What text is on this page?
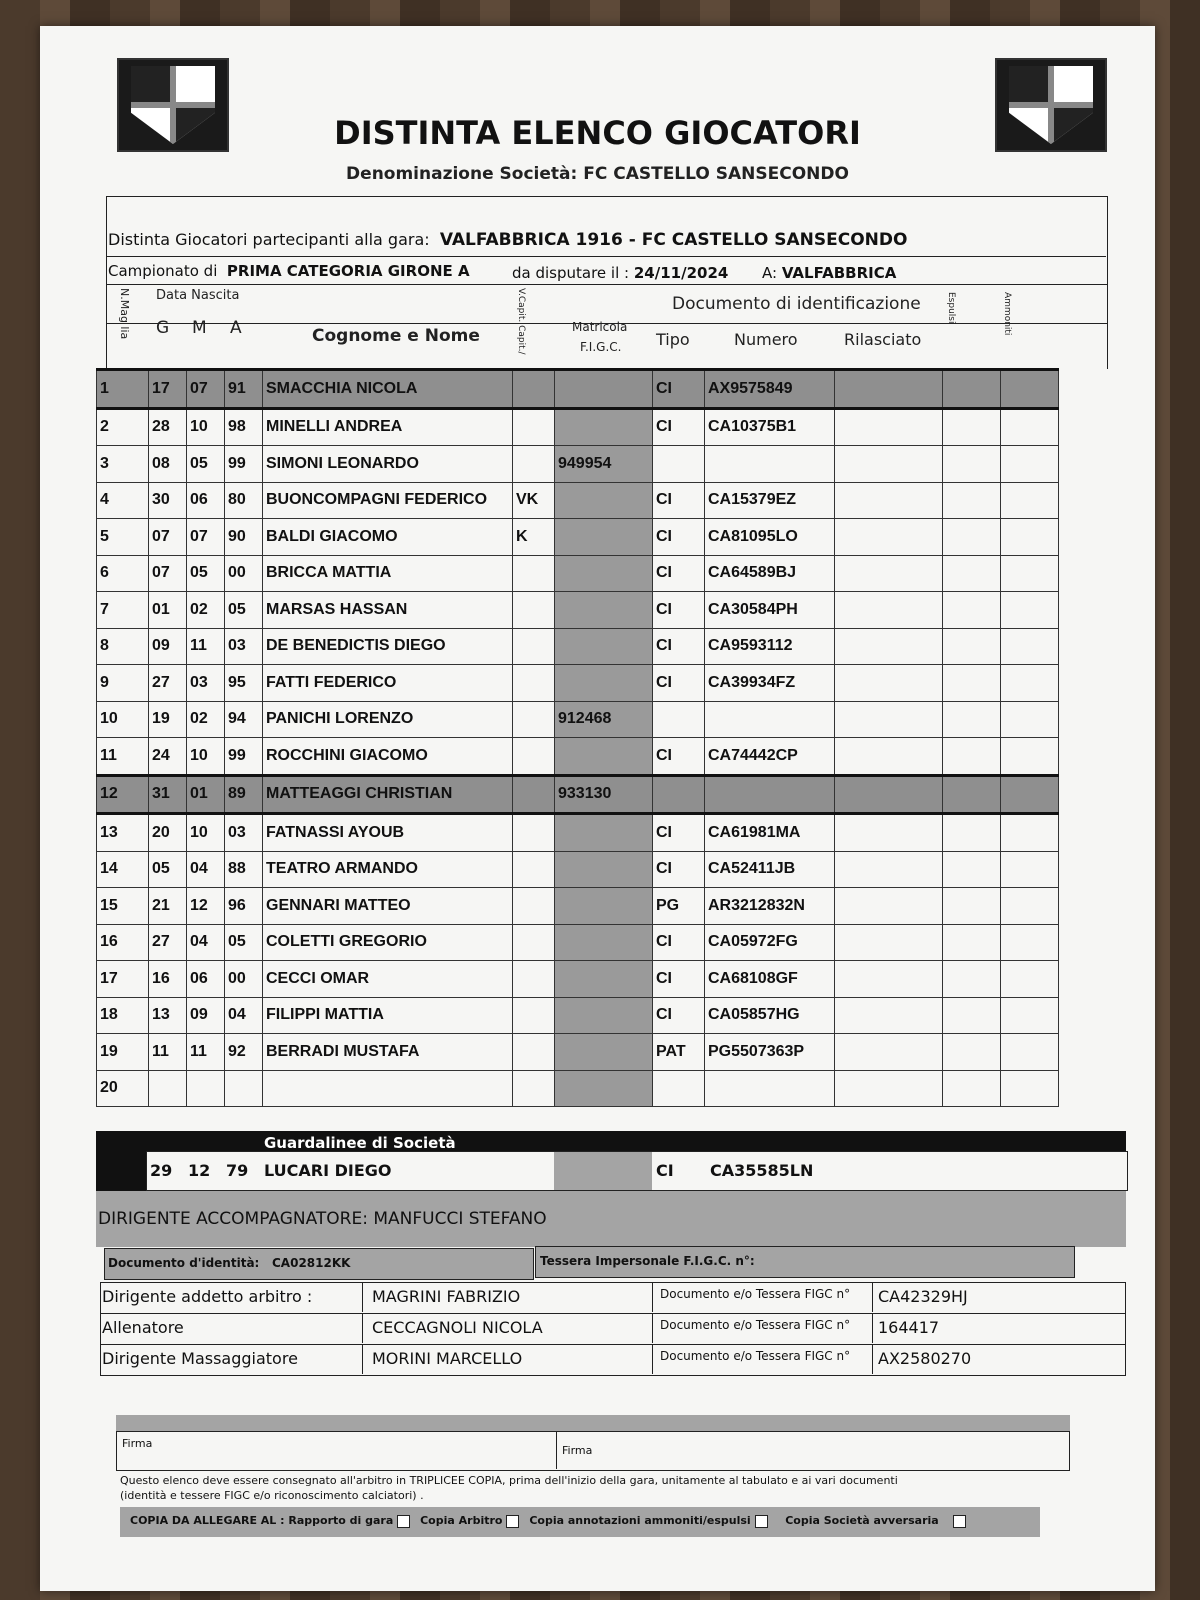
DISTINTA ELENCO GIOCATORI
Denominazione Società: FC CASTELLO SANSECONDO
Distinta Giocatori partecipanti alla gara: VALFABBRICA 1916 - FC CASTELLO SANSECONDO
Campionato di PRIMA CATEGORIA GIRONE A	da disputare il : 24/11/2024 A: VALFABBRICA
N.Mag lia Data Nascita
G M A	Cognome e Nome	V.Capit. Capit./	Matricola
F.I.G.C.
Documento di identificazione
Tipo	Numero	Rilasciato
Espulsi	Ammoniti
1	17	07	91	SMACCHIA NICOLA			CI	AX9575849			
2	28	10	98	MINELLI ANDREA			CI	CA10375B1			
3	08	05	99	SIMONI LEONARDO		949954					
4	30	06	80	BUONCOMPAGNI FEDERICO	VK		CI	CA15379EZ			
5	07	07	90	BALDI GIACOMO	K		CI	CA81095LO			
6	07	05	00	BRICCA MATTIA			CI	CA64589BJ			
7	01	02	05	MARSAS HASSAN			CI	CA30584PH			
8	09	11	03	DE BENEDICTIS DIEGO			CI	CA9593112			
9	27	03	95	FATTI FEDERICO			CI	CA39934FZ			
10	19	02	94	PANICHI LORENZO		912468					
11	24	10	99	ROCCHINI GIACOMO			CI	CA74442CP			
12	31	01	89	MATTEAGGI CHRISTIAN		933130					
13	20	10	03	FATNASSI AYOUB			CI	CA61981MA			
14	05	04	88	TEATRO ARMANDO			CI	CA52411JB			
15	21	12	96	GENNARI MATTEO			PG	AR3212832N			
16	27	04	05	COLETTI GREGORIO			CI	CA05972FG			
17	16	06	00	CECCI OMAR			CI	CA68108GF			
18	13	09	04	FILIPPI MATTIA			CI	CA05857HG			
19	11	11	92	BERRADI MUSTAFA			PAT	PG5507363P			
20											
Guardalinee di Società
29 12 79 LUCARI DIEGO	CI CA35585LN
DIRIGENTE ACCOMPAGNATORE: MANFUCCI STEFANO
Documento d'identità: CA02812KK	Tessera Impersonale F.I.G.C. n°:
Dirigente addetto arbitro :	MAGRINI FABRIZIO	Documento e/o Tessera FIGC n° CA42329HJ
Allenatore	CECCAGNOLI NICOLA	Documento e/o Tessera FIGC n° 164417
Dirigente Massaggiatore	MORINI MARCELLO	Documento e/o Tessera FIGC n° AX2580270
Firma
Firma
Questo elenco deve essere consegnato all'arbitro in TRIPLICEE COPIA, prima dell'inizio della gara, unitamente al tabulato e ai vari documenti
(identità e tessere FIGC e/o riconoscimento calciatori) .
COPIA DA ALLEGARE AL : Rapporto di gara Copia Arbitro Copia annotazioni ammoniti/espulsi	Copia Società avversaria
